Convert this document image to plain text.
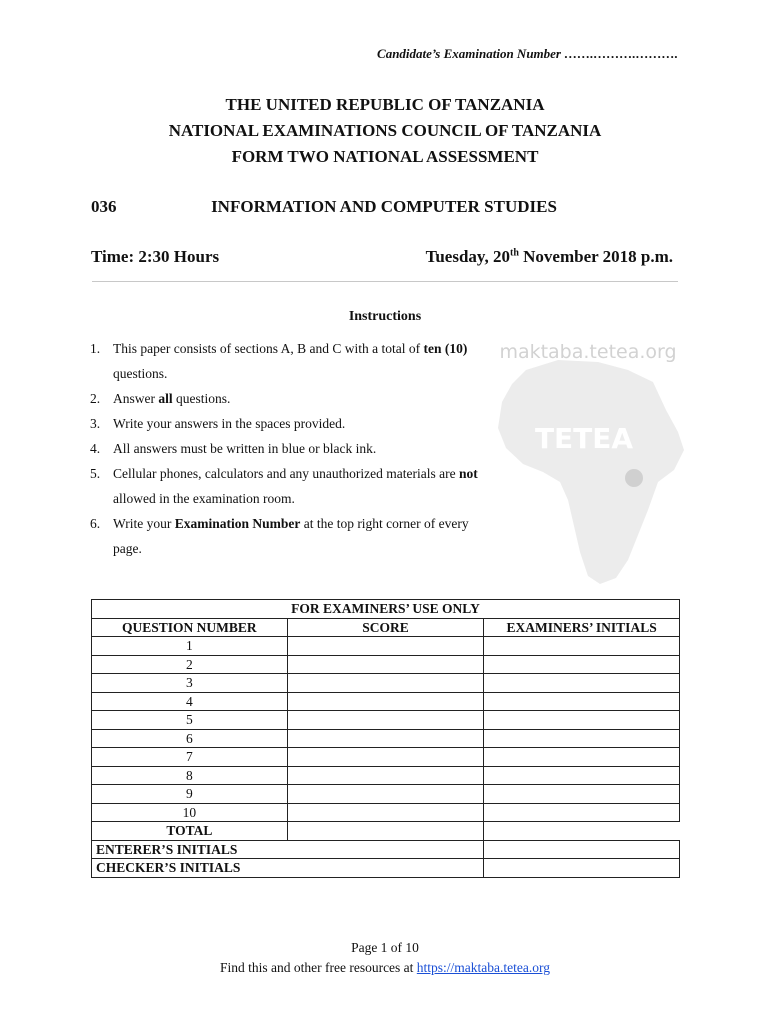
Candidate’s Examination Number …….……….……….
THE UNITED REPUBLIC OF TANZANIA
NATIONAL EXAMINATIONS COUNCIL OF TANZANIA
FORM TWO NATIONAL ASSESSMENT
036	INFORMATION AND COMPUTER STUDIES
Time: 2:30 Hours	Tuesday, 20th November 2018 p.m.
Instructions
maktaba.tetea.org
TETEA
1. This paper consists of sections A, B and C with a total of ten (10) questions.
2. Answer all questions.
3. Write your answers in the spaces provided.
4. All answers must be written in blue or black ink.
5. Cellular phones, calculators and any unauthorized materials are not allowed in the examination room.
6. Write your Examination Number at the top right corner of every page.
FOR EXAMINERS’ USE ONLY		
QUESTION NUMBER	SCORE	EXAMINERS’ INITIALS
1		
2		
3		
4		
5		
6		
7		
8		
9		
10		
TOTAL		
ENTERER’S INITIALS		
CHECKER’S INITIALS		
Page 1 of 10
Find this and other free resources at https://maktaba.tetea.org
